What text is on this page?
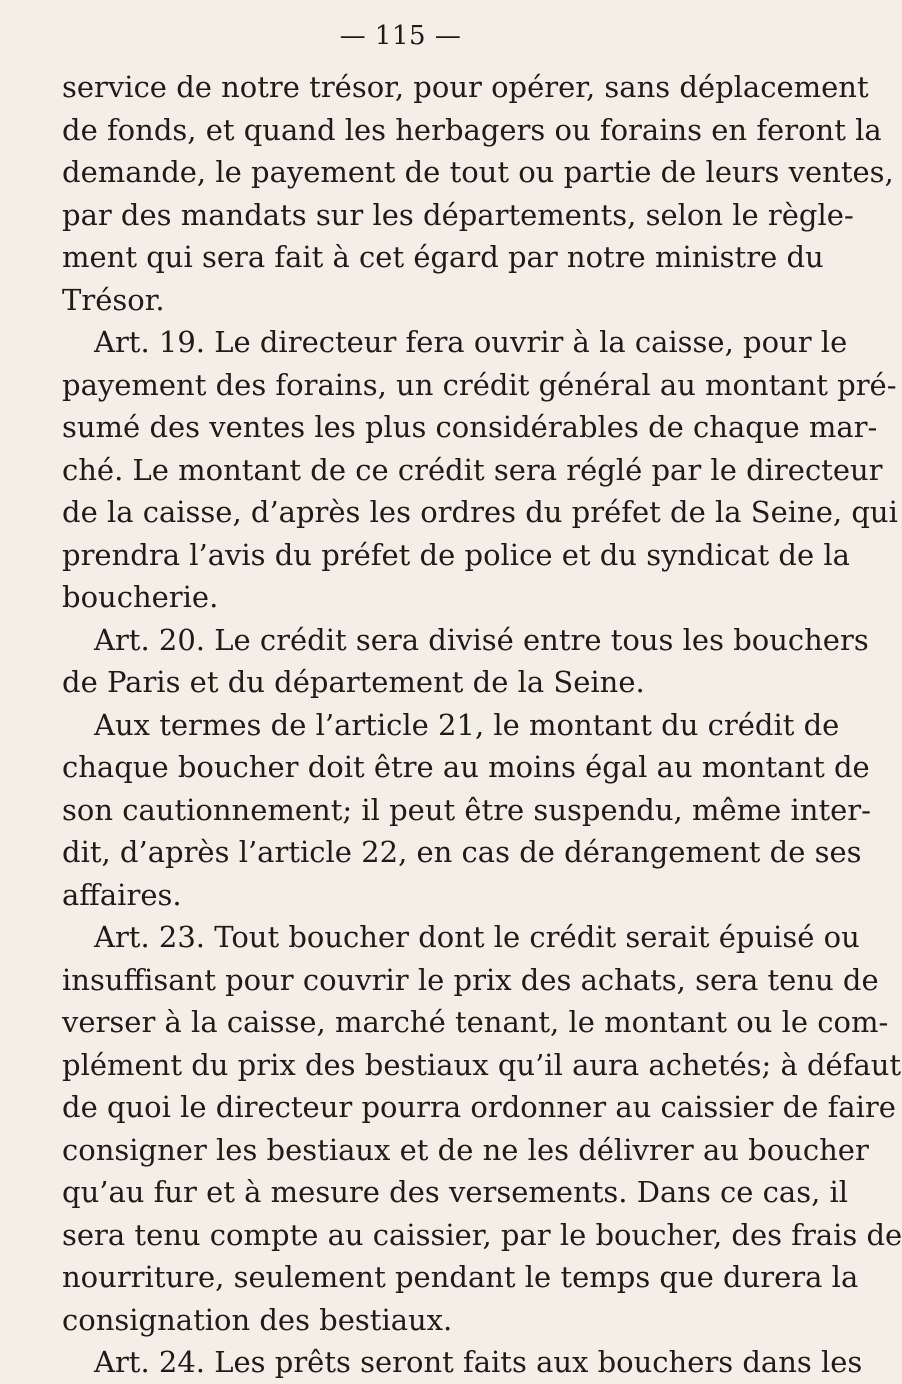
— 115 —

service de notre trésor, pour opérer, sans déplacement
de fonds, et quand les herbagers ou forains en feront la
demande, le payement de tout ou partie de leurs ventes,
par des mandats sur les départements, selon le règle-
ment qui sera fait à cet égard par notre ministre du
Trésor.

Art. 19. Le directeur fera ouvrir à la caisse, pour le
payement des forains, un crédit général au montant pré-
sumé des ventes les plus considérables de chaque mar-
ché. Le montant de ce crédit sera réglé par le directeur
de la caisse, d’après les ordres du préfet de la Seine, qui
prendra l’avis du préfet de police et du syndicat de la
boucherie.

Art. 20. Le crédit sera divisé entre tous les bouchers
de Paris et du département de la Seine.

Aux termes de l’article 21, le montant du crédit de
chaque boucher doit être au moins égal au montant de
son cautionnement; il peut être suspendu, même inter-
dit, d’après l’article 22, en cas de dérangement de ses
affaires.

Art. 23. Tout boucher dont le crédit serait épuisé ou
insuffisant pour couvrir le prix des achats, sera tenu de
verser à la caisse, marché tenant, le montant ou le com-
plément du prix des bestiaux qu’il aura achetés; à défaut
de quoi le directeur pourra ordonner au caissier de faire
consigner les bestiaux et de ne les délivrer au boucher
qu’au fur et à mesure des versements. Dans ce cas, il
sera tenu compte au caissier, par le boucher, des frais de
nourriture, seulement pendant le temps que durera la
consignation des bestiaux.

Art. 24. Les prêts seront faits aux bouchers dans les
